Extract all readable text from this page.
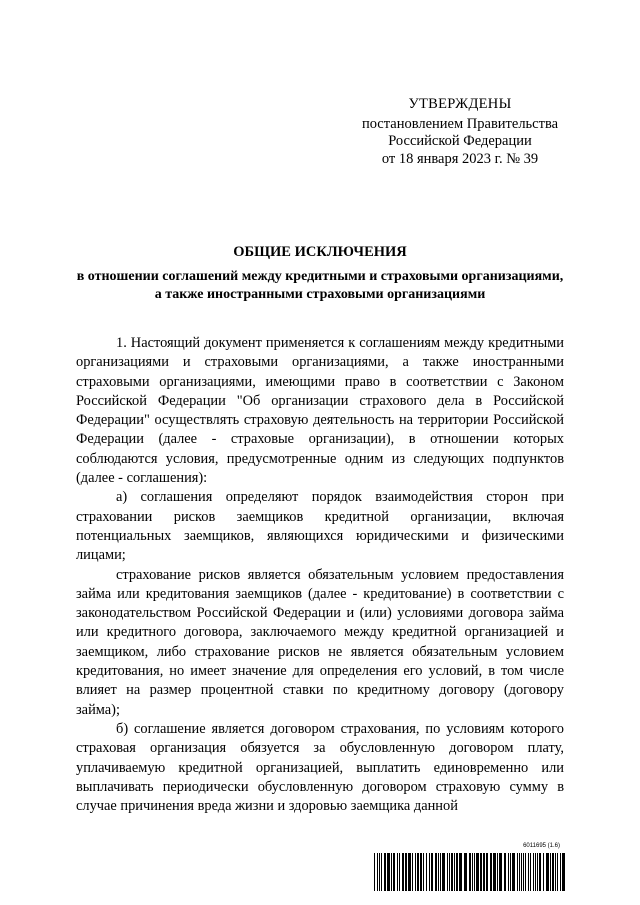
УТВЕРЖДЕНЫ
постановлением Правительства
Российской Федерации
от 18 января 2023 г. № 39
ОБЩИЕ ИСКЛЮЧЕНИЯ
в отношении соглашений между кредитными и страховыми организациями, а также иностранными страховыми организациями

1. Настоящий документ применяется к соглашениям между кредитными организациями и страховыми организациями, а также иностранными страховыми организациями, имеющими право в соответствии с Законом Российской Федерации "Об организации страхового дела в Российской Федерации" осуществлять страховую деятельность на территории Российской Федерации (далее - страховые организации), в отношении которых соблюдаются условия, предусмотренные одним из следующих подпунктов (далее - соглашения):

а) соглашения определяют порядок взаимодействия сторон при страховании рисков заемщиков кредитной организации, включая потенциальных заемщиков, являющихся юридическими и физическими лицами;

страхование рисков является обязательным условием предоставления займа или кредитования заемщиков (далее - кредитование) в соответствии с законодательством Российской Федерации и (или) условиями договора займа или кредитного договора, заключаемого между кредитной организацией и заемщиком, либо страхование рисков не является обязательным условием кредитования, но имеет значение для определения его условий, в том числе влияет на размер процентной ставки по кредитному договору (договору займа);

б) соглашение является договором страхования, по условиям которого страховая организация обязуется за обусловленную договором плату, уплачиваемую кредитной организацией, выплатить единовременно или выплачивать периодически обусловленную договором страховую сумму в случае причинения вреда жизни и здоровью заемщика данной

6011695 (1.6)
